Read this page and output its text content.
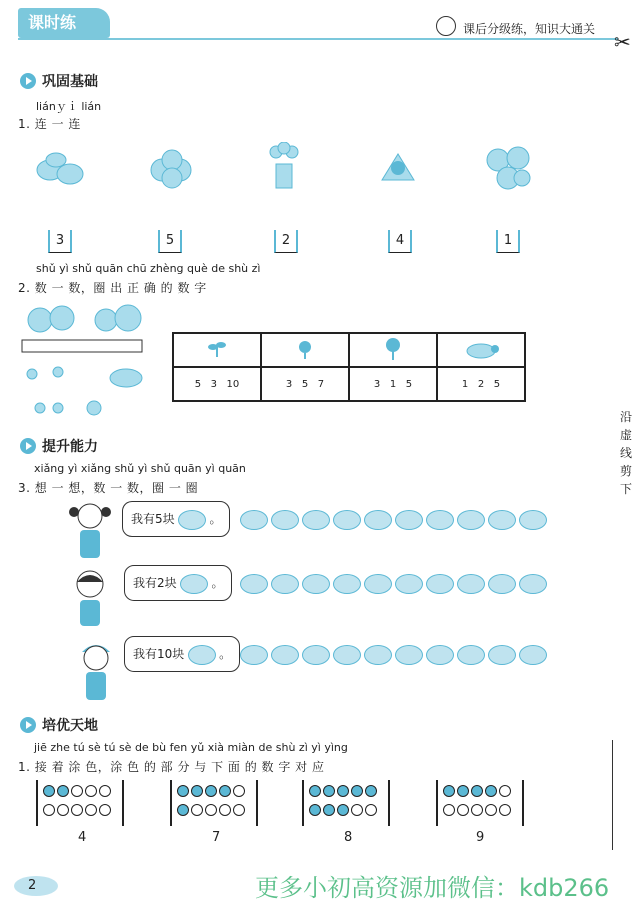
课时练	课后分级练，知识大通关
✂
巩固基础
liánｙｉ lián
1. 连 一 连
3	5	2	4	1
shǔ yì shǔ quān chū zhèng què de shù zì
2. 数 一 数，圈 出 正 确 的 数 字

5 3 10	3 5 7	3 1 5	1 2 5
提升能力
xiǎng yì xiǎng shǔ yì shǔ quān yì quān
3. 想 一 想，数 一 数，圈 一 圈
我有5块	。
我有2块	。
我有10块	。
培优天地
jiē zhe tú sè tú sè de bù fen yǔ xià miàn de shù zì yì yìng
1. 接 着 涂 色，涂 色 的 部 分 与 下 面 的 数 字 对 应

4	7	8	9
沿
虚
线
剪
下
2	更多小初高资源加微信：kdb266
